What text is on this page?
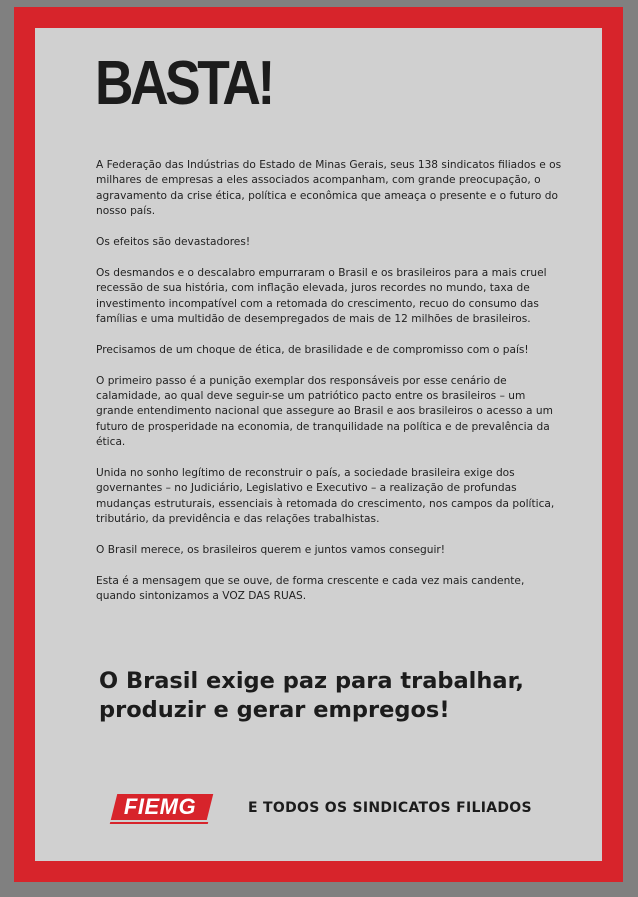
BASTA!

A Federação das Indústrias do Estado de Minas Gerais, seus 138 sindicatos filiados e os milhares de empresas a eles associados acompanham, com grande preocupação, o agravamento da crise ética, política e econômica que ameaça o presente e o futuro do nosso país.

Os efeitos são devastadores!

Os desmandos e o descalabro empurraram o Brasil e os brasileiros para a mais cruel recessão de sua história, com inflação elevada, juros recordes no mundo, taxa de investimento incompatível com a retomada do crescimento, recuo do consumo das famílias e uma multidão de desempregados de mais de 12 milhões de brasileiros.

Precisamos de um choque de ética, de brasilidade e de compromisso com o país!

O primeiro passo é a punição exemplar dos responsáveis por esse cenário de calamidade, ao qual deve seguir-se um patriótico pacto entre os brasileiros – um grande entendimento nacional que assegure ao Brasil e aos brasileiros o acesso a um futuro de prosperidade na economia, de tranquilidade na política e de prevalência da ética.

Unida no sonho legítimo de reconstruir o país, a sociedade brasileira exige dos governantes – no Judiciário, Legislativo e Executivo – a realização de profundas mudanças estruturais, essenciais à retomada do crescimento, nos campos da política, tributário, da previdência e das relações trabalhistas.

O Brasil merece, os brasileiros querem e juntos vamos conseguir!

Esta é a mensagem que se ouve, de forma crescente e cada vez mais candente, quando sintonizamos a VOZ DAS RUAS.

O Brasil exige paz para trabalhar, produzir e gerar empregos!
FIEMG	E TODOS OS SINDICATOS FILIADOS
